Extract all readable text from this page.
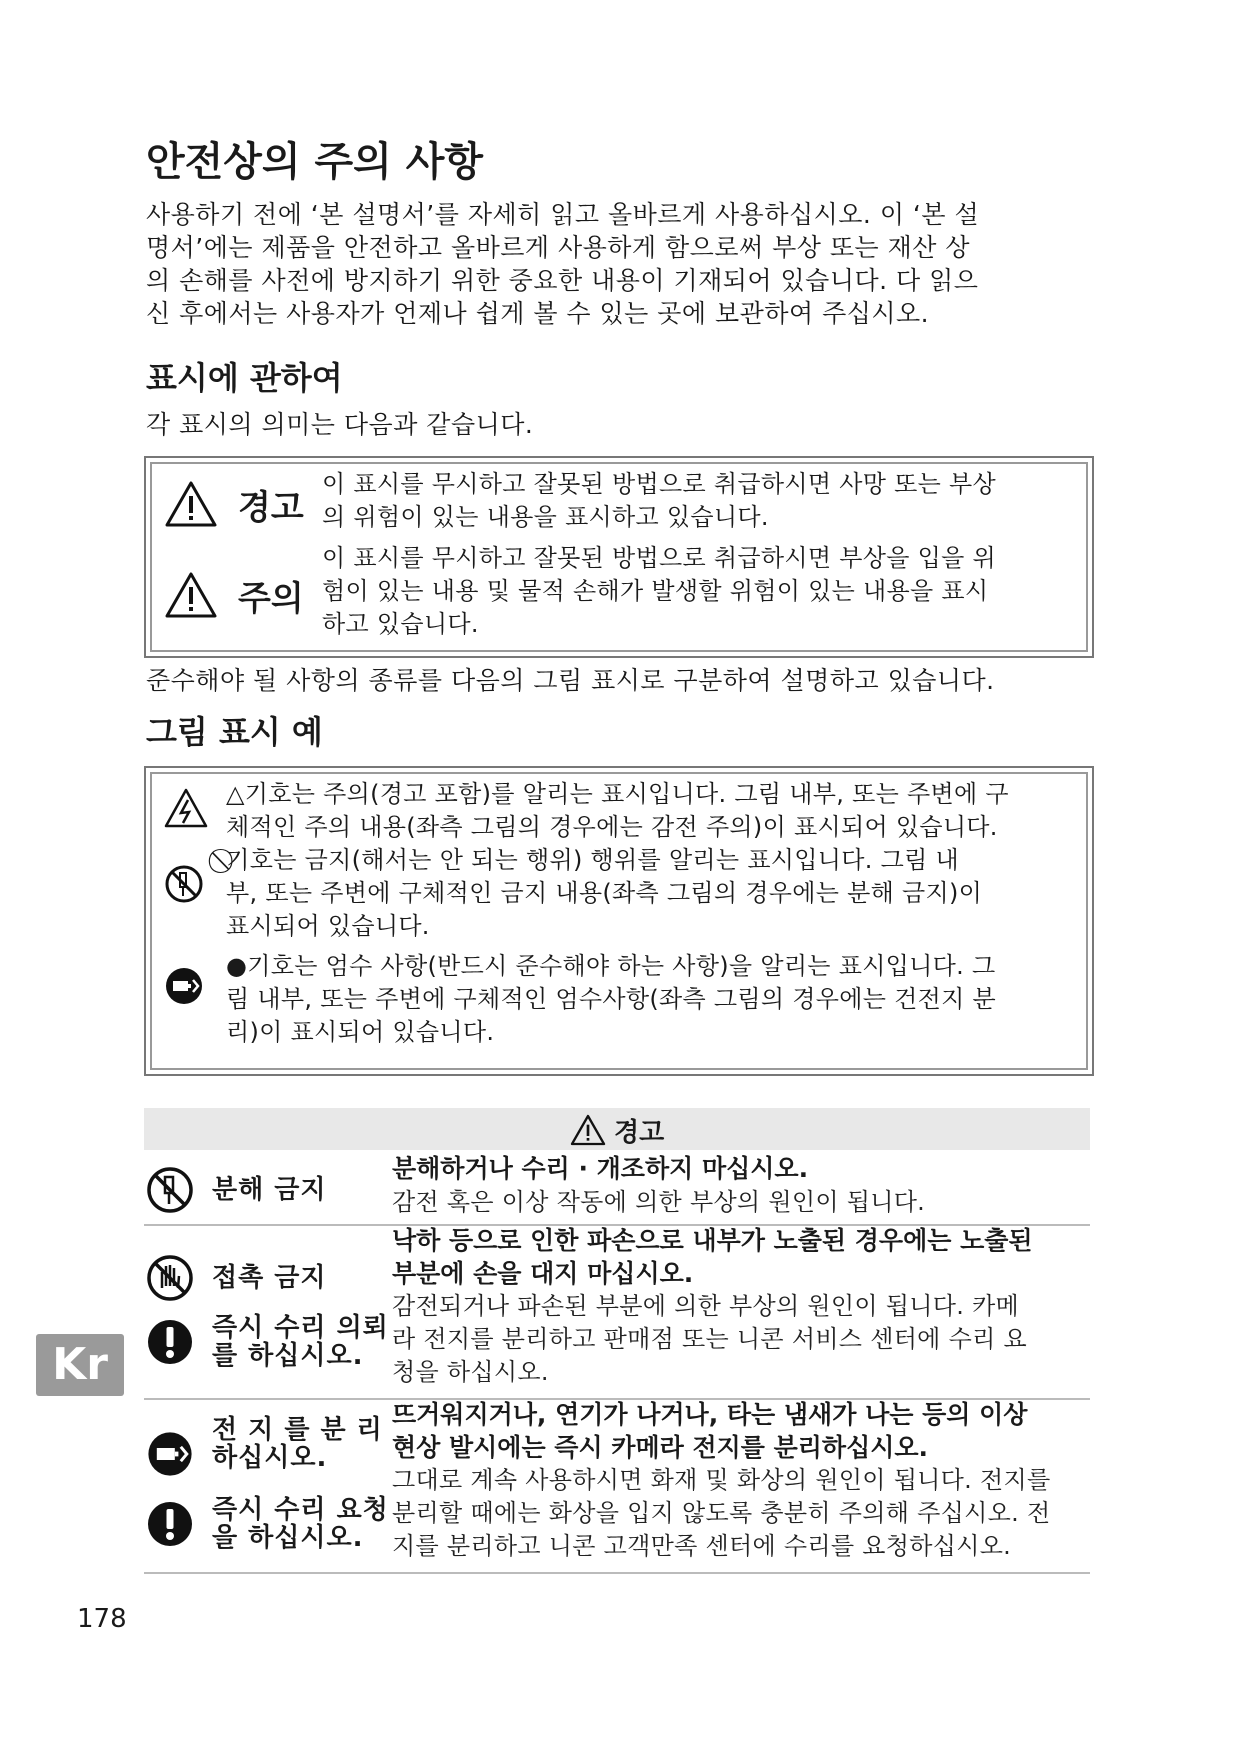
안전상의 주의 사항

사용하기 전에 ‘본 설명서’를 자세히 읽고 올바르게 사용하십시오. 이 ‘본 설

명서’에는 제품을 안전하고 올바르게 사용하게 함으로써 부상 또는 재산 상

의 손해를 사전에 방지하기 위한 중요한 내용이 기재되어 있습니다. 다 읽으

신 후에서는 사용자가 언제나 쉽게 볼 수 있는 곳에 보관하여 주십시오.

표시에 관하여
각 표시의 의미는 다음과 같습니다.
경고

이 표시를 무시하고 잘못된 방법으로 취급하시면 사망 또는 부상

의 위험이 있는 내용을 표시하고 있습니다.

주의

이 표시를 무시하고 잘못된 방법으로 취급하시면 부상을 입을 위

험이 있는 내용 및 물적 손해가 발생할 위험이 있는 내용을 표시

하고 있습니다.

준수해야 될 사항의 종류를 다음의 그림 표시로 구분하여 설명하고 있습니다.
그림 표시 예

△기호는 주의(경고 포함)를 알리는 표시입니다. 그림 내부, 또는 주변에 구

체적인 주의 내용(좌측 그림의 경우에는 감전 주의)이 표시되어 있습니다.

⃠기호는 금지(해서는 안 되는 행위) 행위를 알리는 표시입니다. 그림 내

부, 또는 주변에 구체적인 금지 내용(좌측 그림의 경우에는 분해 금지)이

표시되어 있습니다.

●기호는 엄수 사항(반드시 준수해야 하는 사항)을 알리는 표시입니다. 그

림 내부, 또는 주변에 구체적인 엄수사항(좌측 그림의 경우에는 건전지 분

리)이 표시되어 있습니다.

경고
분해 금지
분해하거나 수리 · 개조하지 마십시오.
감전 혹은 이상 작동에 의한 부상의 원인이 됩니다.
접촉 금지
즉시 수리 의뢰
를 하십시오.
낙하 등으로 인한 파손으로 내부가 노출된 경우에는 노출된
부분에 손을 대지 마십시오.
감전되거나 파손된 부분에 의한 부상의 원인이 됩니다. 카메
라 전지를 분리하고 판매점 또는 니콘 서비스 센터에 수리 요
청을 하십시오.
전 지 를 분 리
하십시오.
즉시 수리 요청
을 하십시오.
뜨거워지거나, 연기가 나거나, 타는 냄새가 나는 등의 이상
현상 발시에는 즉시 카메라 전지를 분리하십시오.
그대로 계속 사용하시면 화재 및 화상의 원인이 됩니다. 전지를
분리할 때에는 화상을 입지 않도록 충분히 주의해 주십시오. 전
지를 분리하고 니콘 고객만족 센터에 수리를 요청하십시오.
Kr
178
